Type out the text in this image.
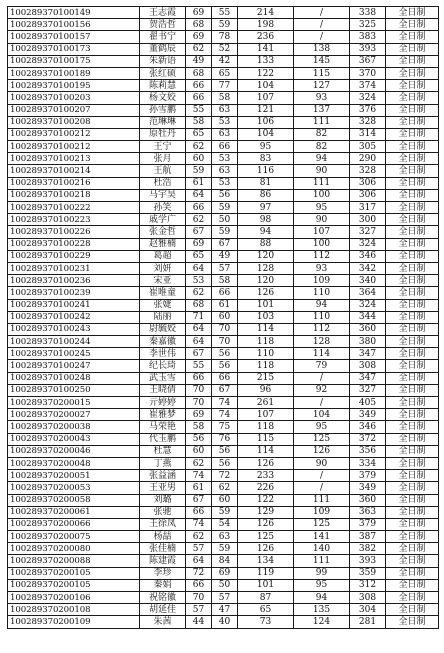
100289370100149	王志霞	69	55	214	/	338	全日制
100289370100156	贺浩哲	68	59	198	/	325	全日制
100289370100157	翟书宁	69	78	236	/	383	全日制
100289370100173	董鹤辰	62	52	141	138	393	全日制
100289370100175	朱新语	49	42	133	145	367	全日制
100289370100189	张红硕	68	65	122	115	370	全日制
100289370100195	陈莉慧	66	77	104	127	374	全日制
100289370100203	杨文姣	66	58	107	93	324	全日制
100289370100207	孙雪鹏	55	63	121	137	376	全日制
100289370100208	范琳琳	58	53	106	111	328	全日制
100289370100212	原牡丹	65	63	104	82	314	全日制
100289370100212	王宁	62	66	95	82	305	全日制
100289370100213	张月	60	53	83	94	290	全日制
100289370100214	王航	59	63	116	90	328	全日制
100289370100216	杜浩	61	53	81	111	306	全日制
100289370100218	马宇昊	64	56	86	100	306	全日制
100289370100222	孙笑	66	59	97	95	317	全日制
100289370100223	戚学广	62	50	98	90	300	全日制
100289370100226	张金哲	67	59	94	107	327	全日制
100289370100228	赵雅楠	69	67	88	100	324	全日制
100289370100229	葛超	65	49	120	112	346	全日制
100289370100231	刘妍	64	57	128	93	342	全日制
100289370100236	宋亚	53	58	120	109	340	全日制
100289370100239	崔唯童	62	66	126	110	364	全日制
100289370100241	张婕	68	61	101	94	324	全日制
100289370100242	陆丽	71	60	103	110	344	全日制
100289370100243	尉毓姣	64	70	114	112	360	全日制
100289370100244	秦嘉徽	64	70	118	128	380	全日制
100289370100245	李世伟	67	56	110	114	347	全日制
100289370100247	纪长琦	55	56	118	79	308	全日制
100289370100248	武玉雪	66	66	215	/	347	全日制
100289370100250	王晓倩	70	67	96	92	327	全日制
100289370200015	亓婷婷	70	74	261	/	405	全日制
100289370200027	崔雅梦	69	74	107	104	349	全日制
100289370200038	马荣艳	58	75	118	95	346	全日制
100289370200043	代玉鹏	56	76	115	125	372	全日制
100289370200046	杜慧	60	56	114	126	356	全日制
100289370200048	丁燕	62	56	126	90	334	全日制
100289370200051	张益涵	74	72	233	/	379	全日制
100289370200053	王亚男	61	62	226	/	349	全日制
100289370200058	刘璐	67	60	122	111	360	全日制
100289370200061	张驰	66	59	129	109	363	全日制
100289370200066	王徐凤	74	54	126	125	379	全日制
100289370200075	杨喆	62	63	125	141	387	全日制
100289370200080	张佳楠	57	59	126	140	382	全日制
100289370200088	陈建霞	64	84	134	111	393	全日制
100289370200105	李珍	72	69	119	99	359	全日制
100289370200105	秦娟	66	50	101	95	312	全日制
100289370200106	祝铭徽	70	57	87	94	308	全日制
100289370200108	胡延佳	57	47	65	135	304	全日制
100289370200109	朱茜	44	40	73	124	281	全日制
